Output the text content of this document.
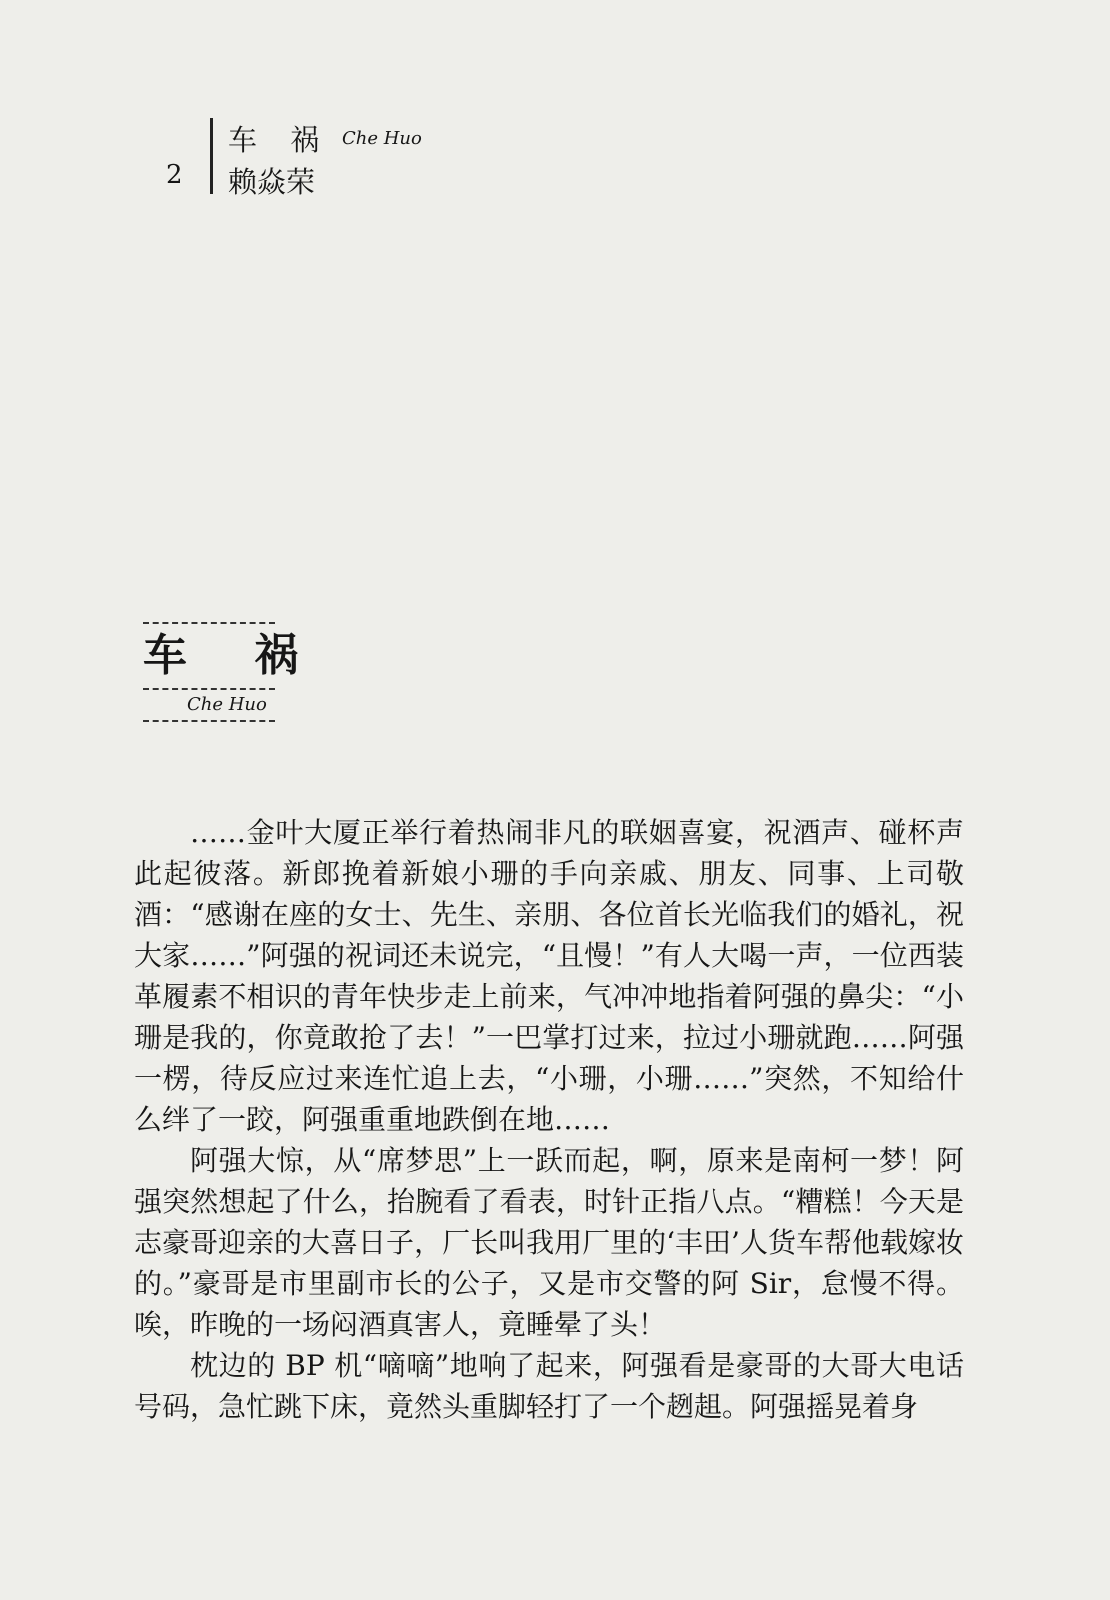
2
车 祸 Che Huo
赖焱荣
车 祸
Che Huo

……金叶大厦正举行着热闹非凡的联姻喜宴，祝酒声、碰杯声此起彼落。新郎挽着新娘小珊的手向亲戚、朋友、同事、上司敬酒：“感谢在座的女士、先生、亲朋、各位首长光临我们的婚礼，祝大家……”阿强的祝词还未说完，“且慢！”有人大喝一声，一位西装革履素不相识的青年快步走上前来，气冲冲地指着阿强的鼻尖：“小珊是我的，你竟敢抢了去！”一巴掌打过来，拉过小珊就跑……阿强一楞，待反应过来连忙追上去，“小珊，小珊……”突然，不知给什么绊了一跤，阿强重重地跌倒在地……

阿强大惊，从“席梦思”上一跃而起，啊，原来是南柯一梦！阿强突然想起了什么，抬腕看了看表，时针正指八点。“糟糕！今天是志豪哥迎亲的大喜日子，厂长叫我用厂里的‘丰田’人货车帮他载嫁妆的。”豪哥是市里副市长的公子，又是市交警的阿 Sir，怠慢不得。唉，昨晚的一场闷酒真害人，竟睡晕了头！

枕边的 BP 机“嘀嘀”地响了起来，阿强看是豪哥的大哥大电话号码，急忙跳下床，竟然头重脚轻打了一个趔趄。阿强摇晃着身
